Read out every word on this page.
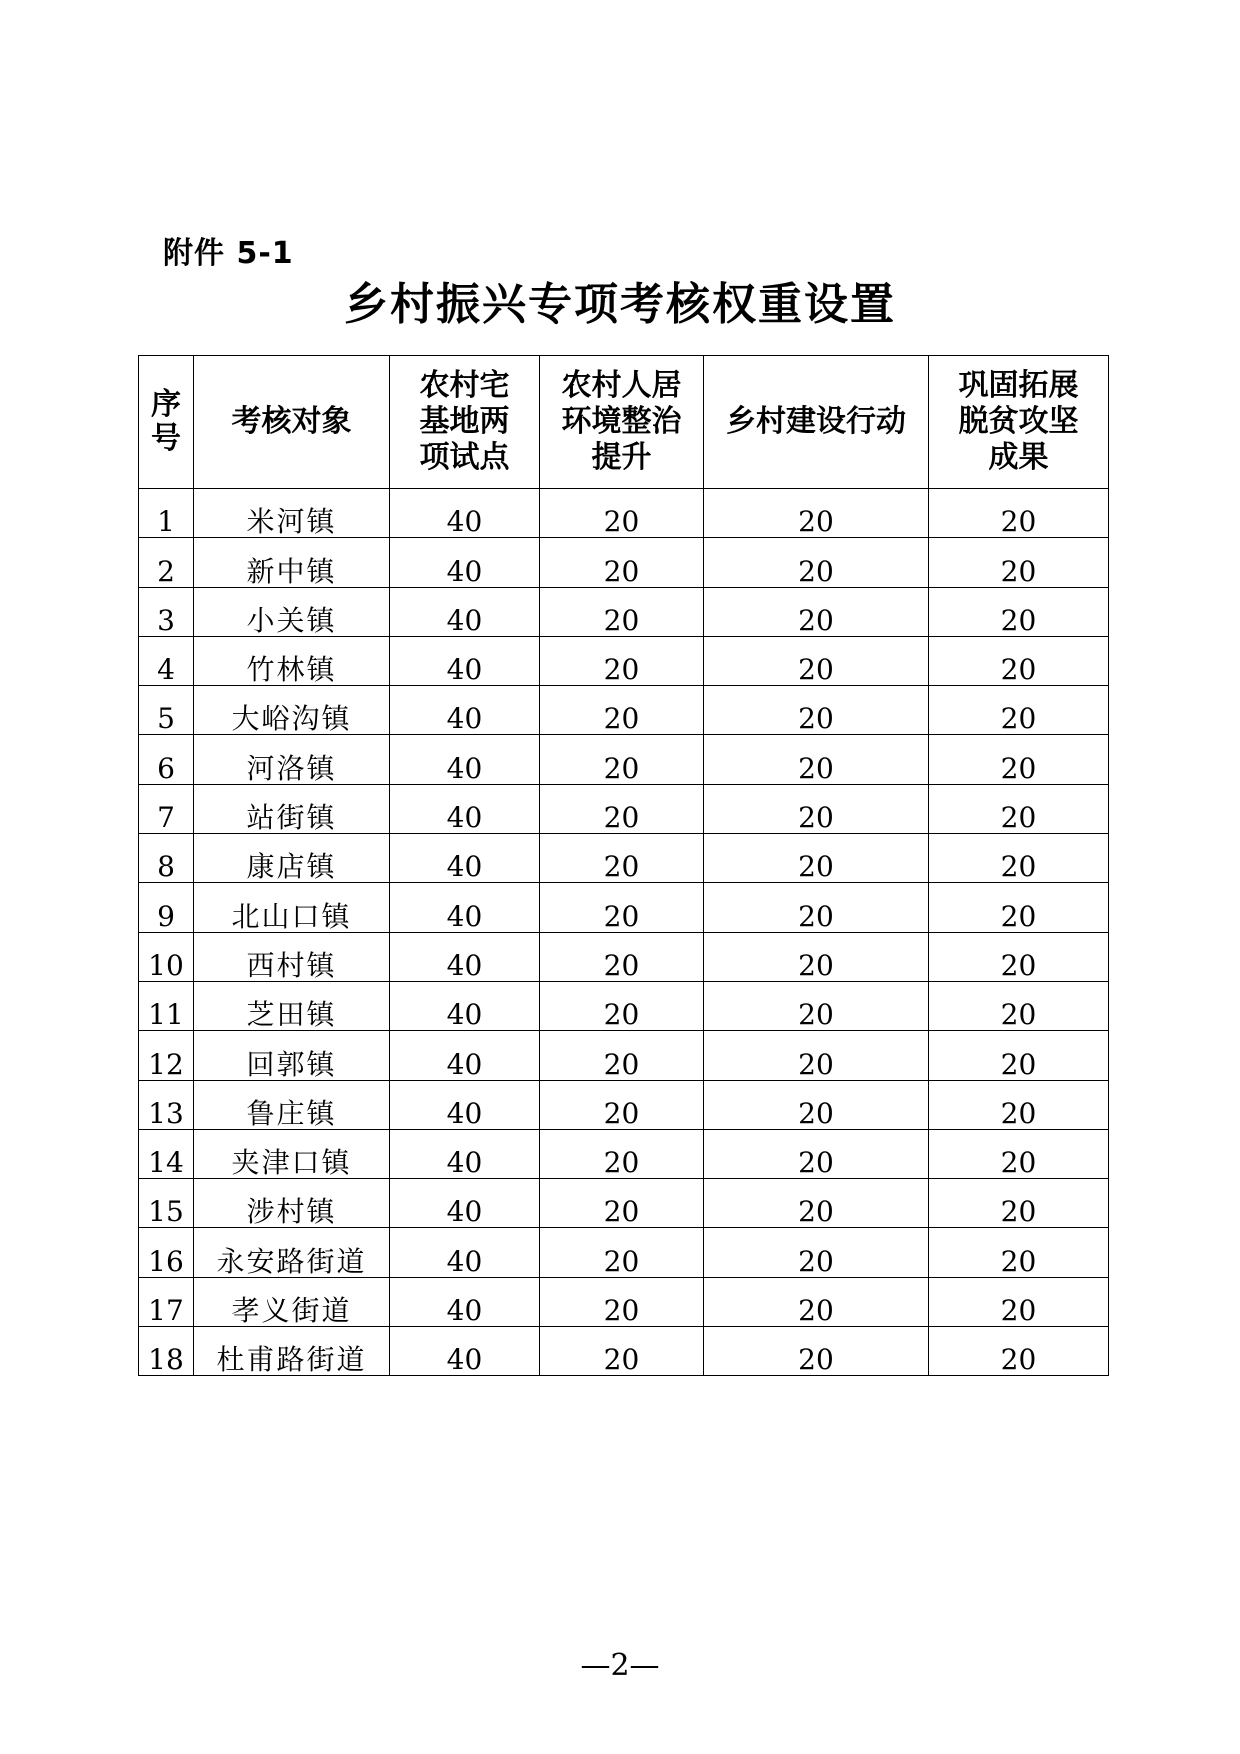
附件 5-1
乡村振兴专项考核权重设置
序号	考核对象	农村宅基地两项试点	农村人居环境整治提升	乡村建设行动	巩固拓展脱贫攻坚成果
1	米河镇	40	20	20	20
2	新中镇	40	20	20	20
3	小关镇	40	20	20	20
4	竹林镇	40	20	20	20
5	大峪沟镇	40	20	20	20
6	河洛镇	40	20	20	20
7	站街镇	40	20	20	20
8	康店镇	40	20	20	20
9	北山口镇	40	20	20	20
10	西村镇	40	20	20	20
11	芝田镇	40	20	20	20
12	回郭镇	40	20	20	20
13	鲁庄镇	40	20	20	20
14	夹津口镇	40	20	20	20
15	涉村镇	40	20	20	20
16	永安路街道	40	20	20	20
17	孝义街道	40	20	20	20
18	杜甫路街道	40	20	20	20
—2—
